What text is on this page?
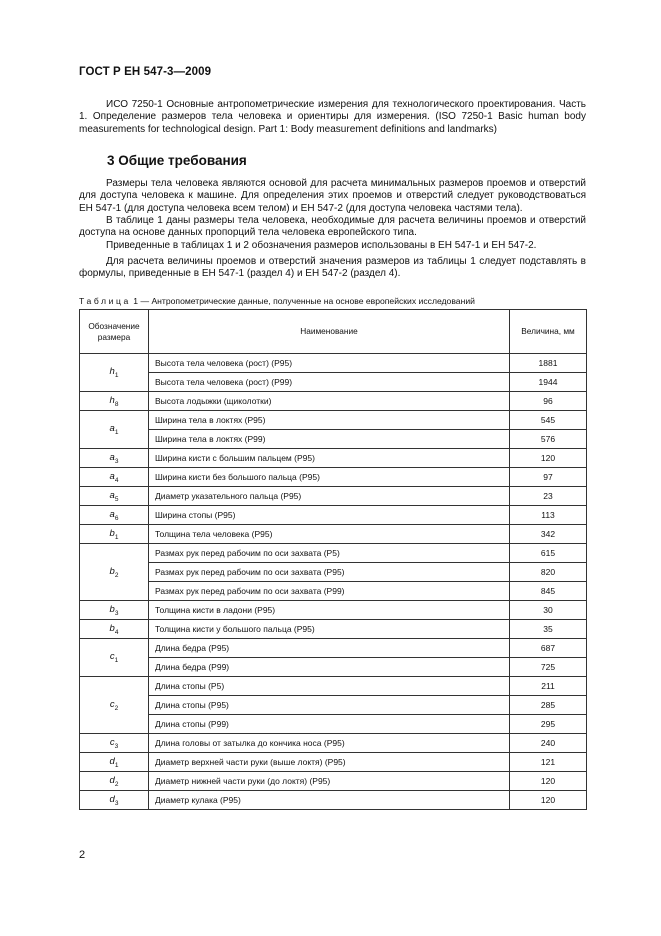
ГОСТ Р ЕН 547-3—2009
ИСО 7250-1 Основные антропометрические измерения для технологического проектирования. Часть 1. Определение размеров тела человека и ориентиры для измерения. (ISO 7250-1 Basic human body measurements for technological design. Part 1: Body measurement definitions and landmarks)
3 Общие требования
Размеры тела человека являются основой для расчета минимальных размеров проемов и отверстий для доступа человека к машине. Для определения этих проемов и отверстий следует руководствоваться ЕН 547-1 (для доступа человека всем телом) и ЕН 547-2 (для доступа человека частями тела).
В таблице 1 даны размеры тела человека, необходимые для расчета величины проемов и отверстий доступа на основе данных пропорций тела человека европейского типа.
Приведенные в таблицах 1 и 2 обозначения размеров использованы в ЕН 547-1 и ЕН 547-2.
Для расчета величины проемов и отверстий значения размеров из таблицы 1 следует подставлять в формулы, приведенные в ЕН 547-1 (раздел 4) и ЕН 547-2 (раздел 4).
Таблица 1 — Антропометрические данные, полученные на основе европейских исследований
Обозначение размера	Наименование	Величина, мм
$h_1$	Высота тела человека (рост) (Р95)	1881
	Высота тела человека (рост) (Р99)	1944
$h_8$	Высота лодыжки (щиколотки)	96
$a_1$	Ширина тела в локтях (Р95)	545
	Ширина тела в локтях (Р99)	576
$a_3$	Ширина кисти с большим пальцем (Р95)	120
$a_4$	Ширина кисти без большого пальца (Р95)	97
$a_5$	Диаметр указательного пальца (Р95)	23
$a_6$	Ширина стопы (Р95)	113
$b_1$	Толщина тела человека (Р95)	342
$b_2$	Размах рук перед рабочим по оси захвата (Р5)	615
	Размах рук перед рабочим по оси захвата (Р95)	820
	Размах рук перед рабочим по оси захвата (Р99)	845
$b_3$	Толщина кисти в ладони (Р95)	30
$b_4$	Толщина кисти у большого пальца (Р95)	35
$c_1$	Длина бедра (Р95)	687
	Длина бедра (Р99)	725
$c_2$	Длина стопы (Р5)	211
	Длина стопы (Р95)	285
	Длина стопы (Р99)	295
$c_3$	Длина головы от затылка до кончика носа (Р95)	240
$d_1$	Диаметр верхней части руки (выше локтя) (Р95)	121
$d_2$	Диаметр нижней части руки (до локтя) (Р95)	120
$d_3$	Диаметр кулака (Р95)	120
2
